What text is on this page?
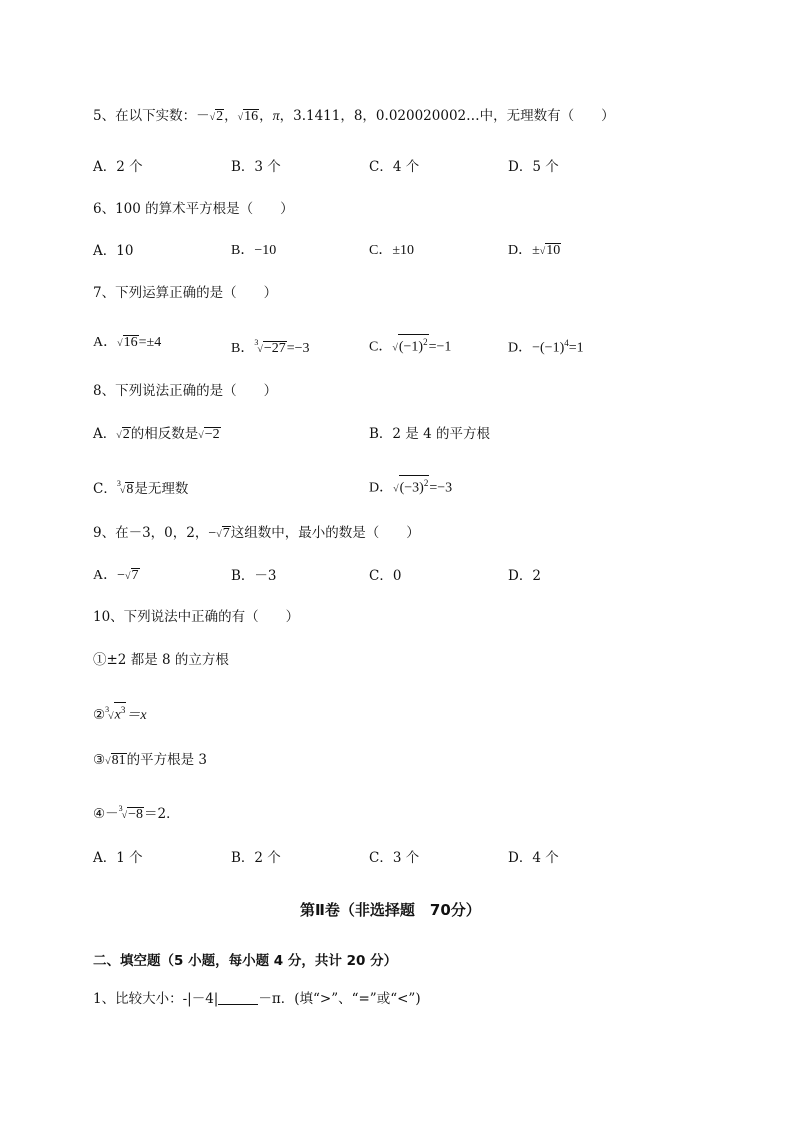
5、在以下实数：－√2，√16，π，3.1411，8，0.020020002…中，无理数有（　　）
A．2 个	B．3 个	C．4 个	D．5 个
6、100 的算术平方根是（　　）
A．10	B．−10	C．±10	D．±√10
7、下列运算正确的是（　　）
A．√16=±4	B．$^3$√−27=−3	C．$√(-1)^2=-1$	D．$-(-1)^4=1$
8、下列说法正确的是（　　）
A．√2的相反数是√−2	B．2 是 4 的平方根
C．$^3$√8是无理数	D．$√(-3)^2=-3$
9、在－3，0，2，−√7这组数中，最小的数是（　　）
A．−√7	B．－3	C．0	D．2
10、下列说法中正确的有（　　）
①±2 都是 8 的立方根
$②^3√x^3=x$
③√81的平方根是 3
④－$^3$√−8＝2．
A．1 个	B．2 个	C．3 个	D．4 个
第Ⅱ卷（非选择题　70分）
二、填空题（5 小题，每小题 4 分，共计 20 分）
1、比较大小：-|－4|	－π．(填“>”、“=”或“<”)
